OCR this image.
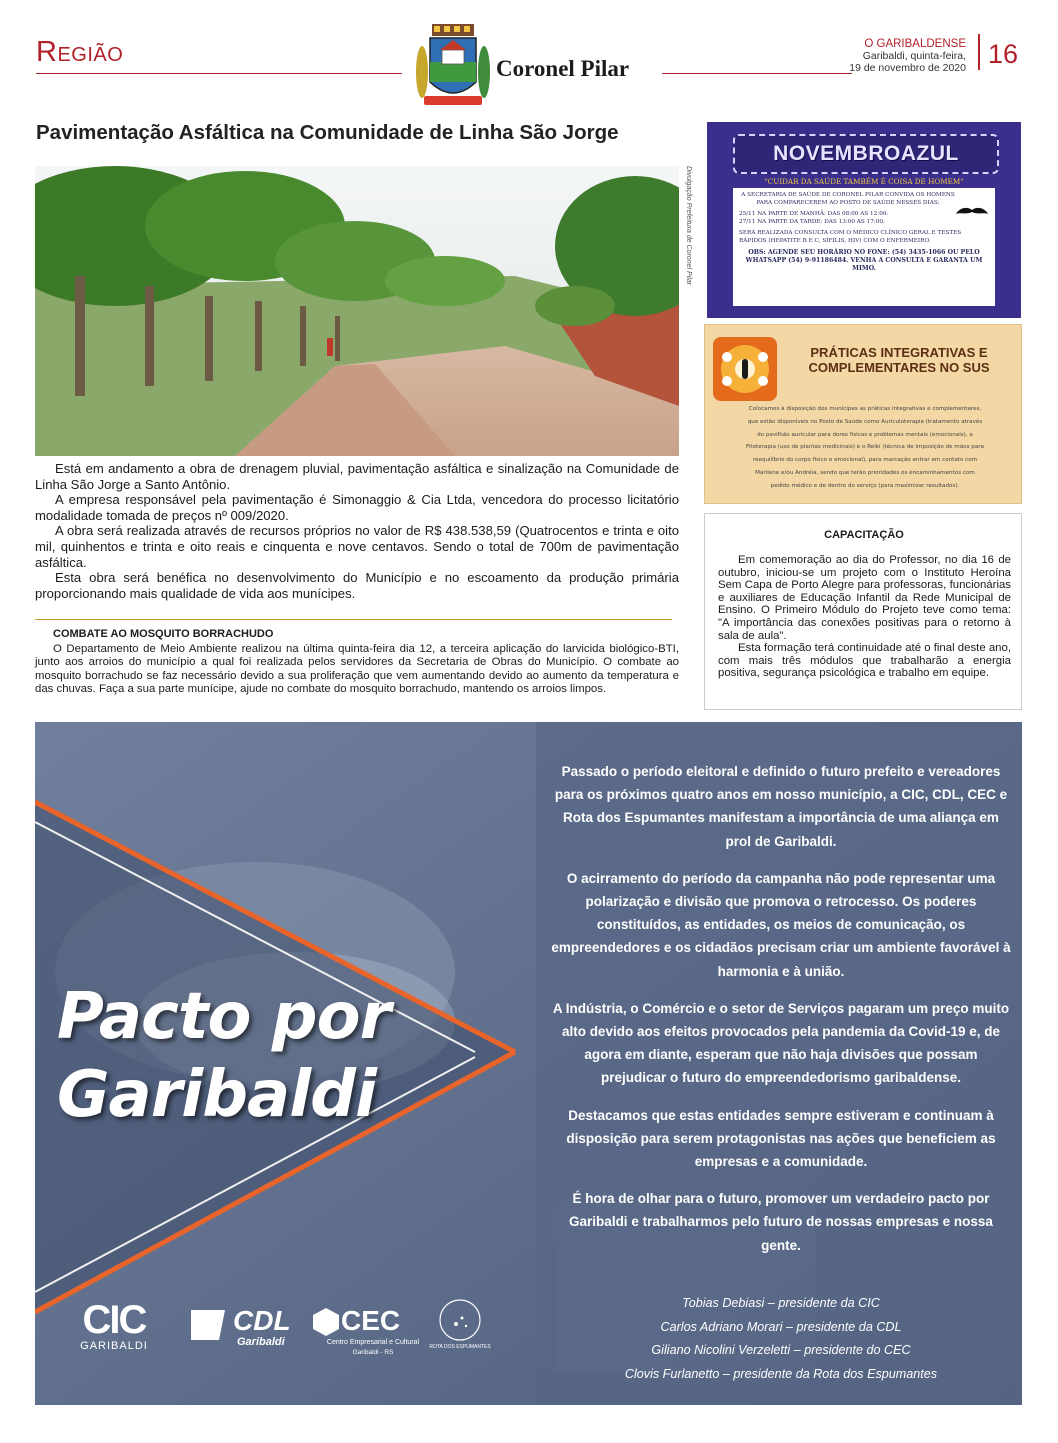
Região
Coronel Pilar
O GARIBALDENSE
Garibaldi, quinta-feira,
19 de novembro de 2020 16
Pavimentação Asfáltica na Comunidade de Linha São Jorge
Divulgação Prefeitura de Coronel Pilar

Está em andamento a obra de drenagem pluvial, pavimentação asfáltica e sinalização na Comunidade de Linha São Jorge a Santo Antônio.

A empresa responsável pela pavimentação é Simonaggio & Cia Ltda, vencedora do processo licitatório modalidade tomada de preços nº 009/2020.

A obra será realizada através de recursos próprios no valor de R$ 438.538,59 (Quatrocentos e trinta e oito mil, quinhentos e trinta e oito reais e cinquenta e nove centavos. Sendo o total de 700m de pavimentação asfáltica.

Esta obra será benéfica no desenvolvimento do Município e no escoamento da produção primária proporcionando mais qualidade de vida aos munícipes.

COMBATE AO MOSQUITO BORRACHUDO

O Departamento de Meio Ambiente realizou na última quinta-feira dia 12, a terceira aplicação do larvicida biológico-BTI, junto aos arroios do município a qual foi realizada pelos servidores da Secretaria de Obras do Município. O combate ao mosquito borrachudo se faz necessário devido a sua proliferação que vem aumentando devido ao aumento da temperatura e das chuvas. Faça a sua parte munícipe, ajude no combate do mosquito borrachudo, mantendo os arroios limpos.

NOVEMBROAZUL
"CUIDAR DA SAÚDE TAMBÉM É COISA DE HOMEM"

A SECRETARIA DE SAÚDE DE CORONEL PILAR CONVIDA OS HOMENS PARA COMPARECEREM AO POSTO DE SAÚDE NESSES DIAS:

25/11 NA PARTE DE MANHÃ: DAS 08:00 AS 12:00.

27/11 NA PARTE DA TARDE: DAS 13:00 AS 17:00.

SERÁ REALIZADA CONSULTA COM O MÉDICO CLÍNICO GERAL E TESTES RÁPIDOS (HEPATITE B E C, SÍFILIS, HIV) COM O ENFERMEIRO.

OBS: AGENDE SEU HORÁRIO NO FONE: (54) 3435-1066 OU PELO WHATSAPP (54) 9-91186484. VENHA A CONSULTA E GARANTA UM MIMO.

PRÁTICAS INTEGRATIVAS E COMPLEMENTARES NO SUS
Colocamos à disposição dos munícipes as práticas integrativas e complementares, que estão disponíveis no Posto de Saúde como Auriculoterapia (tratamento através do pavilhão auricular para dores físicas e problemas mentais (emocionais), a Fitoterapia (uso de plantas medicinais) e o Reiki (técnica de imposição de mãos para reequilíbrio do corpo físico e emocional), para marcação entrar em contato com Marilene e/ou Andréia, sendo que terão prioridades os encaminhamentos com pedido médico e de dentro do serviço (para maximizar resultados).
CAPACITAÇÃO

Em comemoração ao dia do Professor, no dia 16 de outubro, iniciou-se um projeto com o Instituto Heroína Sem Capa de Porto Alegre para professoras, funcionárias e auxiliares de Educação Infantil da Rede Municipal de Ensino. O Primeiro Módulo do Projeto teve como tema: "A importância das conexões positivas para o retorno à sala de aula".

Esta formação terá continuidade até o final deste ano, com mais três módulos que trabalharão a energia positiva, segurança psicológica e trabalho em equipe.

Pacto por
Garibaldi

Passado o período eleitoral e definido o futuro prefeito e vereadores para os próximos quatro anos em nosso município, a CIC, CDL, CEC e Rota dos Espumantes manifestam a importância de uma aliança em prol de Garibaldi.

O acirramento do período da campanha não pode representar uma polarização e divisão que promova o retrocesso. Os poderes constituídos, as entidades, os meios de comunicação, os empreendedores e os cidadãos precisam criar um ambiente favorável à harmonia e à união.

A Indústria, o Comércio e o setor de Serviços pagaram um preço muito alto devido aos efeitos provocados pela pandemia da Covid-19 e, de agora em diante, esperam que não haja divisões que possam prejudicar o futuro do empreendedorismo garibaldense.

Destacamos que estas entidades sempre estiveram e continuam à disposição para serem protagonistas nas ações que beneficiem as empresas e a comunidade.

É hora de olhar para o futuro, promover um verdadeiro pacto por Garibaldi e trabalharmos pelo futuro de nossas empresas e nossa gente.

Tobias Debiasi – presidente da CIC
Carlos Adriano Morari – presidente da CDL
Giliano Nicolini Verzeletti – presidente do CEC
Clovis Furlanetto – presidente da Rota dos Espumantes
CIC
GARIBALDI
CDL
Garibaldi
CEC
Centro Empresarial e Cultural
Garibaldi - RS
ROTA DOS ESPUMANTES
